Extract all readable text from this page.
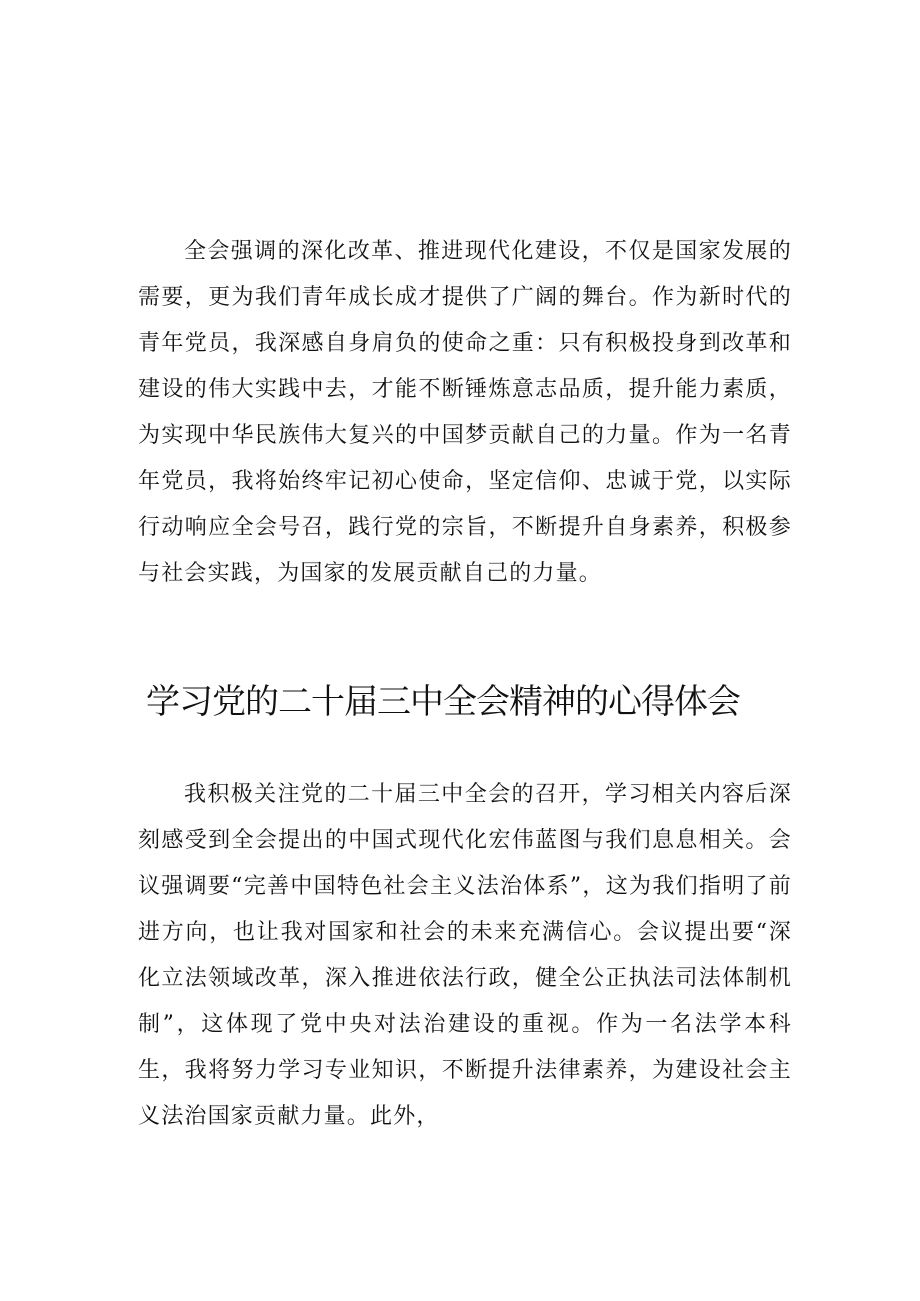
全会强调的深化改革、推进现代化建设，不仅是国家发展的需要，更为我们青年成长成才提供了广阔的舞台。作为新时代的青年党员，我深感自身肩负的使命之重：只有积极投身到改革和建设的伟大实践中去，才能不断锤炼意志品质，提升能力素质，为实现中华民族伟大复兴的中国梦贡献自己的力量。作为一名青年党员，我将始终牢记初心使命，坚定信仰、忠诚于党，以实际行动响应全会号召，践行党的宗旨，不断提升自身素养，积极参与社会实践，为国家的发展贡献自己的力量。

学习党的二十届三中全会精神的心得体会

我积极关注党的二十届三中全会的召开，学习相关内容后深刻感受到全会提出的中国式现代化宏伟蓝图与我们息息相关。会议强调要“完善中国特色社会主义法治体系”，这为我们指明了前进方向，也让我对国家和社会的未来充满信心。会议提出要“深化立法领域改革，深入推进依法行政，健全公正执法司法体制机制”，这体现了党中央对法治建设的重视。作为一名法学本科生，我将努力学习专业知识，不断提升法律素养，为建设社会主义法治国家贡献力量。此外，
